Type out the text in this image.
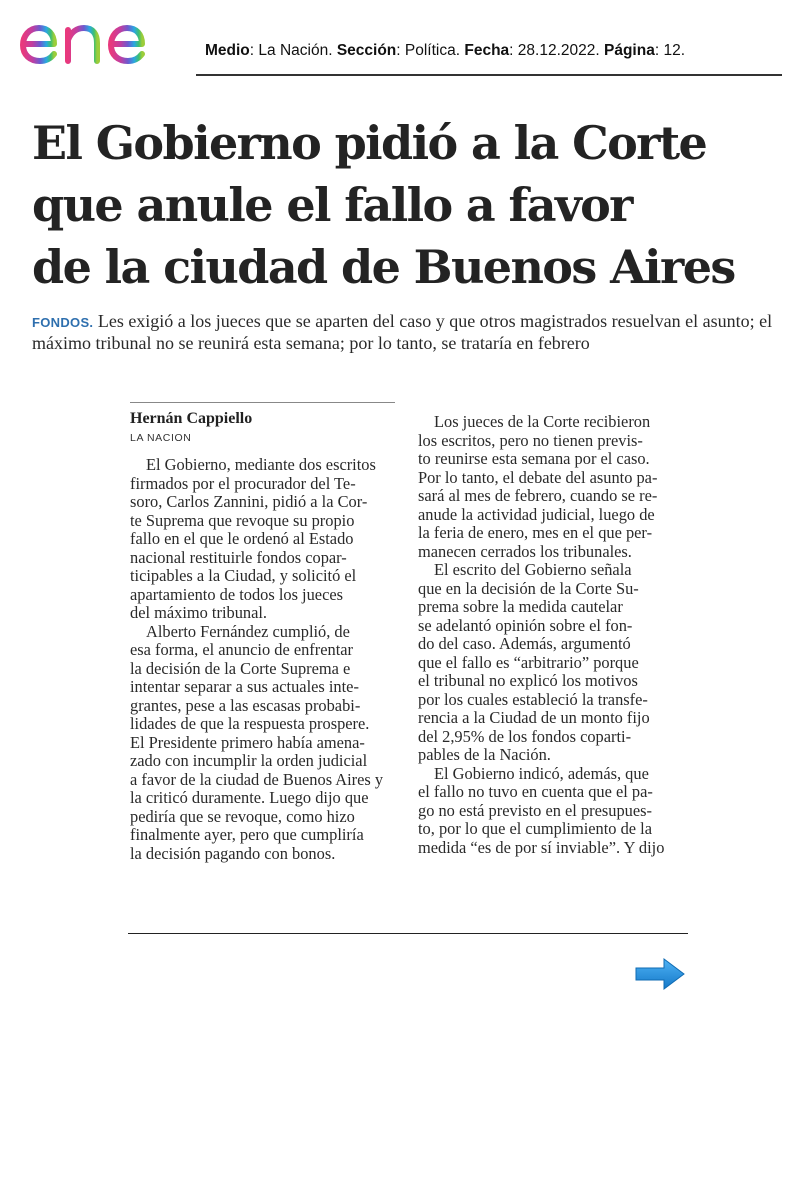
Medio: La Nación. Sección: Política. Fecha: 28.12.2022. Página: 12.
El Gobierno pidió a la Corte
que anule el fallo a favor
de la ciudad de Buenos Aires

FONDOS. Les exigió a los jueces que se aparten del caso y que otros magistrados resuelvan el asunto; el máximo tribunal no se reunirá esta semana; por lo tanto, se trataría en febrero

Hernán Cappiello
LA NACION
El Gobierno, mediante dos escritos
firmados por el procurador del Te-
soro, Carlos Zannini, pidió a la Cor-
te Suprema que revoque su propio
fallo en el que le ordenó al Estado
nacional restituirle fondos copar-
ticipables a la Ciudad, y solicitó el
apartamiento de todos los jueces
del máximo tribunal.
Alberto Fernández cumplió, de
esa forma, el anuncio de enfrentar
la decisión de la Corte Suprema e
intentar separar a sus actuales inte-
grantes, pese a las escasas probabi-
lidades de que la respuesta prospere.
El Presidente primero había amena-
zado con incumplir la orden judicial
a favor de la ciudad de Buenos Aires y
la criticó duramente. Luego dijo que
pediría que se revoque, como hizo
finalmente ayer, pero que cumpliría
la decisión pagando con bonos.
Los jueces de la Corte recibieron
los escritos, pero no tienen previs-
to reunirse esta semana por el caso.
Por lo tanto, el debate del asunto pa-
sará al mes de febrero, cuando se re-
anude la actividad judicial, luego de
la feria de enero, mes en el que per-
manecen cerrados los tribunales.
El escrito del Gobierno señala
que en la decisión de la Corte Su-
prema sobre la medida cautelar
se adelantó opinión sobre el fon-
do del caso. Además, argumentó
que el fallo es “arbitrario” porque
el tribunal no explicó los motivos
por los cuales estableció la transfe-
rencia a la Ciudad de un monto fijo
del 2,95% de los fondos coparti-
pables de la Nación.
El Gobierno indicó, además, que
el fallo no tuvo en cuenta que el pa-
go no está previsto en el presupues-
to, por lo que el cumplimiento de la
medida “es de por sí inviable”. Y dijo
